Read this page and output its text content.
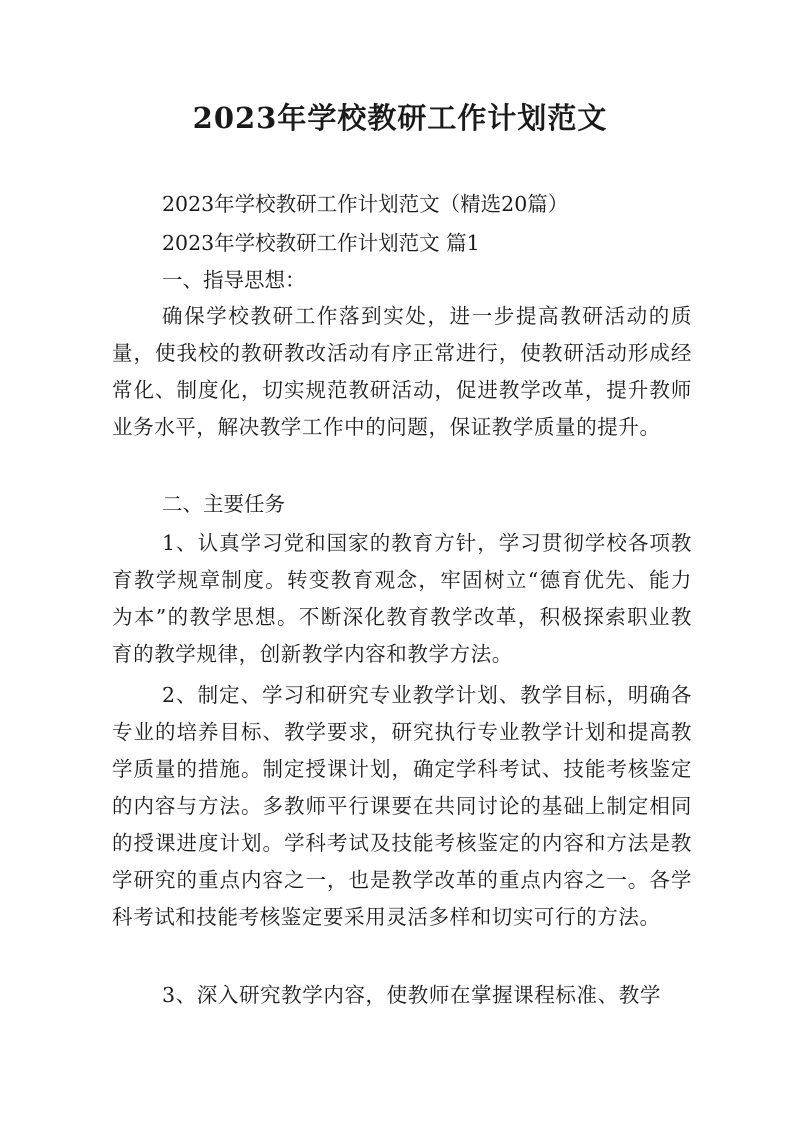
2023年学校教研工作计划范文

2023年学校教研工作计划范文（精选20篇）

2023年学校教研工作计划范文 篇1

一、指导思想：

确保学校教研工作落到实处，进一步提高教研活动的质量，使我校的教研教改活动有序正常进行，使教研活动形成经常化、制度化，切实规范教研活动，促进教学改革，提升教师业务水平，解决教学工作中的问题，保证教学质量的提升。

二、主要任务

1、认真学习党和国家的教育方针，学习贯彻学校各项教育教学规章制度。转变教育观念，牢固树立“德育优先、能力为本”的教学思想。不断深化教育教学改革，积极探索职业教育的教学规律，创新教学内容和教学方法。

2、制定、学习和研究专业教学计划、教学目标，明确各专业的培养目标、教学要求，研究执行专业教学计划和提高教学质量的措施。制定授课计划，确定学科考试、技能考核鉴定的内容与方法。多教师平行课要在共同讨论的基础上制定相同的授课进度计划。学科考试及技能考核鉴定的内容和方法是教学研究的重点内容之一，也是教学改革的重点内容之一。各学科考试和技能考核鉴定要采用灵活多样和切实可行的方法。

3、深入研究教学内容，使教师在掌握课程标准、教学
